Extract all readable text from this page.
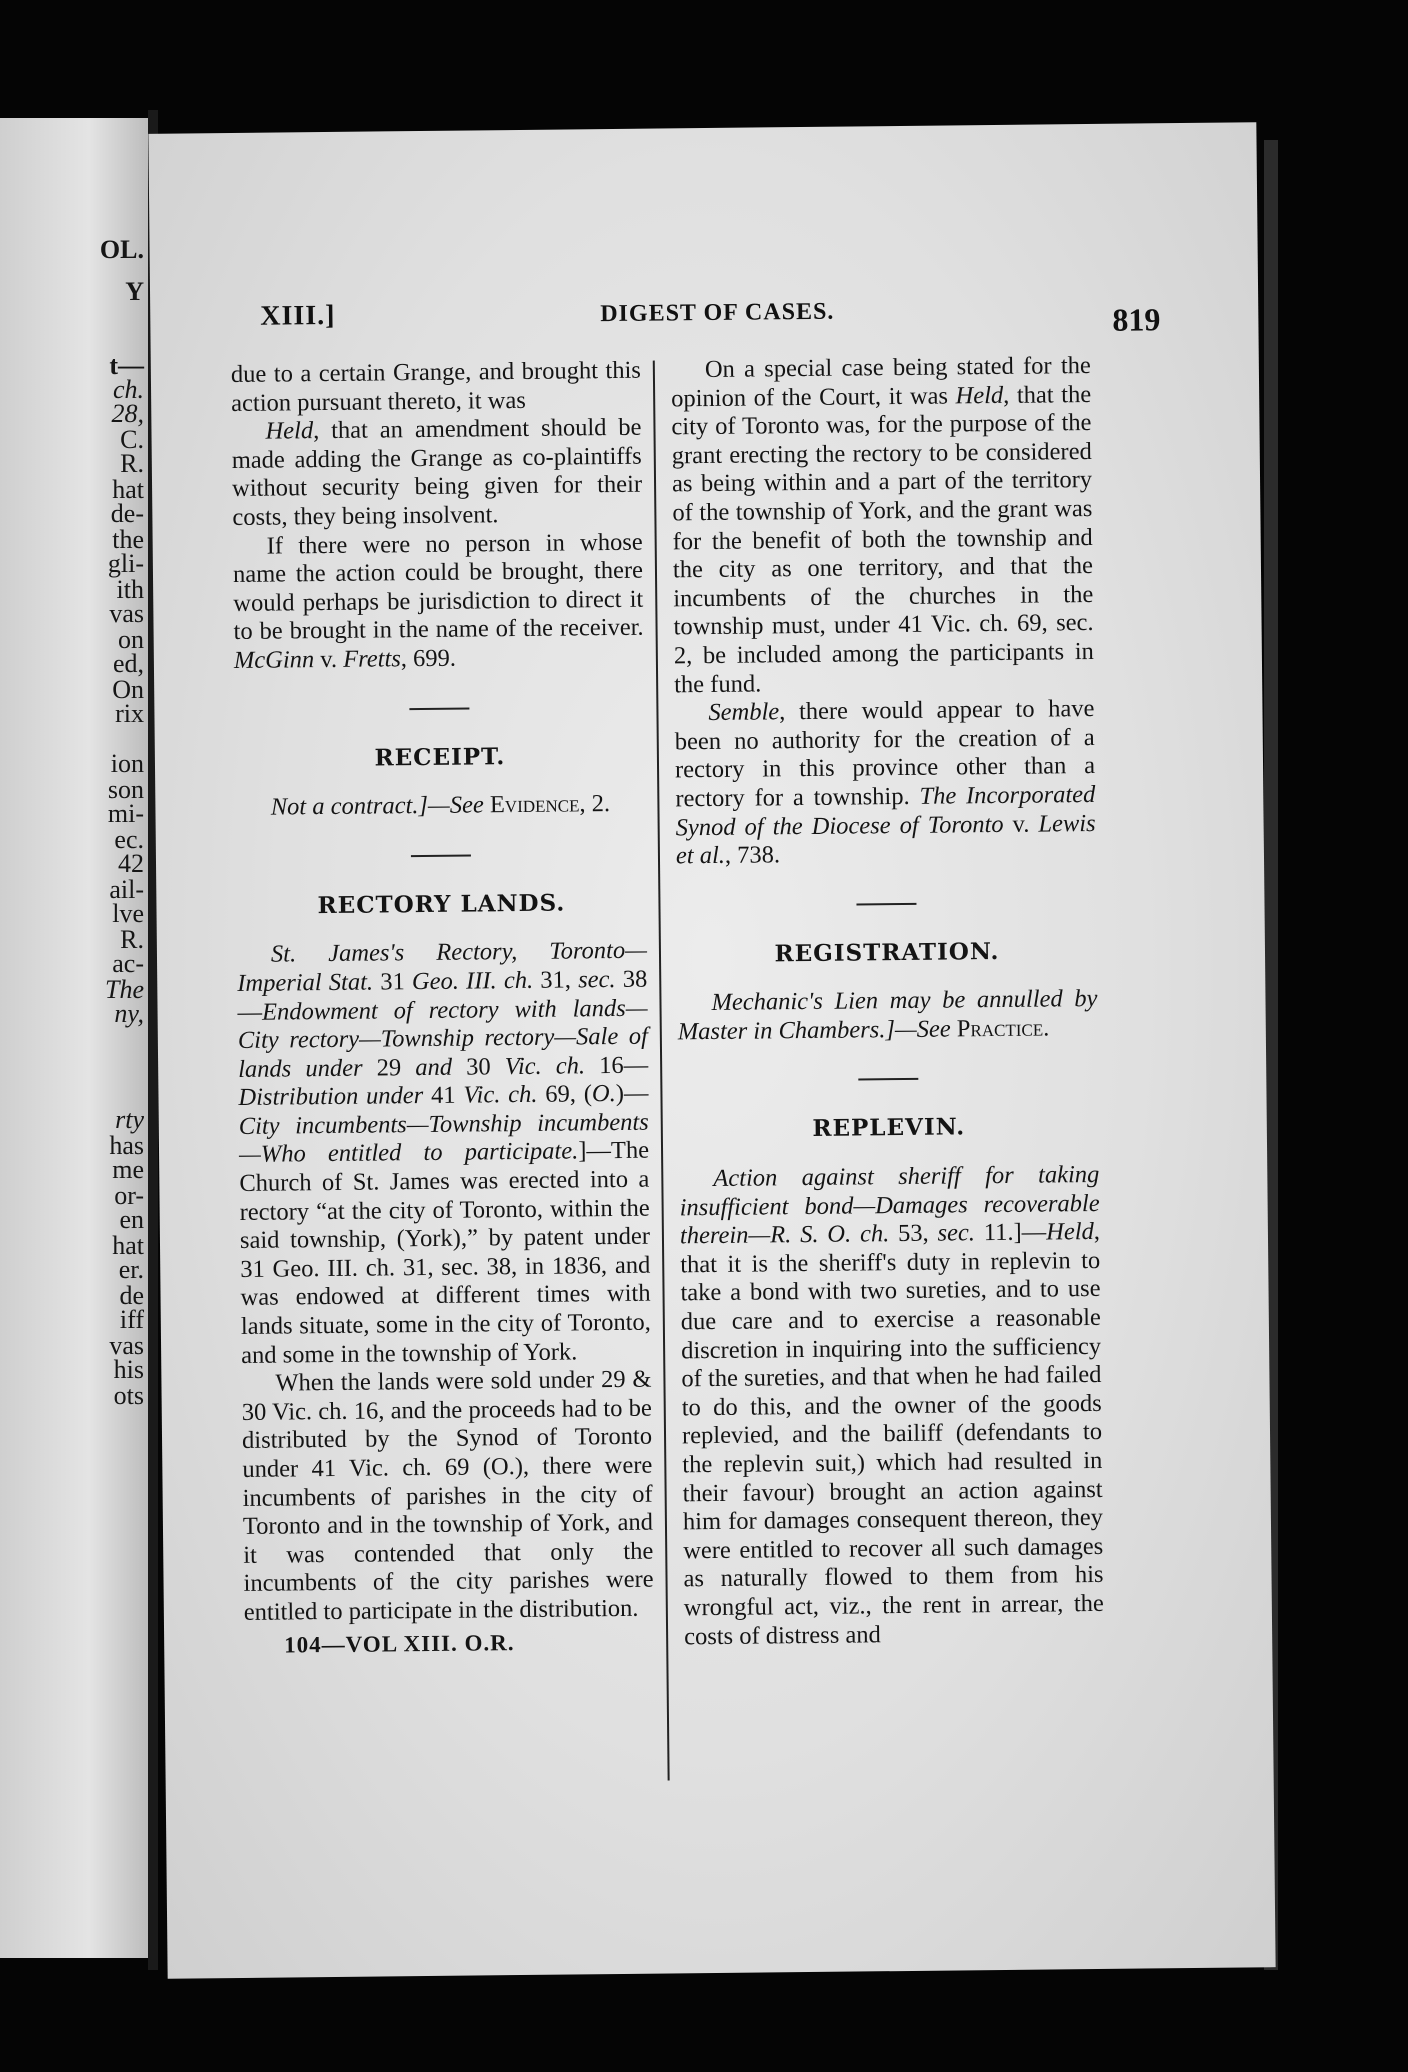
OL.
Y
t—
ch.
28,
C.
R.
hat
de-
the
gli-
ith
vas
on
ed,
On
rix
ion
son
mi-
ec.
42
ail-
lve
R.
ac-
The
ny,
rty
has
me
or-
en
hat
er.
de
iff
vas
his
ots
XIII.]	DIGEST OF CASES.	819

due to a certain Grange, and brought this action pursuant thereto, it was

Held, that an amendment should be made adding the Grange as co-plaintiffs without security being given for their costs, they being insolvent.

If there were no person in whose name the action could be brought, there would perhaps be jurisdiction to direct it to be brought in the name of the receiver. McGinn v. Fretts, 699.

RECEIPT.

Not a contract.]—See Evidence, 2.

RECTORY LANDS.

St. James's Rectory, Toronto—Imperial Stat. 31 Geo. III. ch. 31, sec. 38—Endowment of rectory with lands—City rectory—Township rectory—Sale of lands under 29 and 30 Vic. ch. 16—Distribution under 41 Vic. ch. 69, (O.)—City incumbents—Township incumbents—Who entitled to participate.]—The Church of St. James was erected into a rectory “at the city of Toronto, within the said township, (York),” by patent under 31 Geo. III. ch. 31, sec. 38, in 1836, and was endowed at different times with lands situate, some in the city of Toronto, and some in the township of York.

When the lands were sold under 29 & 30 Vic. ch. 16, and the proceeds had to be distributed by the Synod of Toronto under 41 Vic. ch. 69 (O.), there were incumbents of parishes in the city of Toronto and in the township of York, and it was contended that only the incumbents of the city parishes were entitled to participate in the distribution.

104—VOL XIII. O.R.

On a special case being stated for the opinion of the Court, it was Held, that the city of Toronto was, for the purpose of the grant erecting the rectory to be considered as being within and a part of the territory of the township of York, and the grant was for the benefit of both the township and the city as one territory, and that the incumbents of the churches in the township must, under 41 Vic. ch. 69, sec. 2, be included among the participants in the fund.

Semble, there would appear to have been no authority for the creation of a rectory in this province other than a rectory for a township. The Incorporated Synod of the Diocese of Toronto v. Lewis et al., 738.

REGISTRATION.

Mechanic's Lien may be annulled by Master in Chambers.]—See Practice.

REPLEVIN.

Action against sheriff for taking insufficient bond—Damages recoverable therein—R. S. O. ch. 53, sec. 11.]—Held, that it is the sheriff's duty in replevin to take a bond with two sureties, and to use due care and to exercise a reasonable discretion in inquiring into the sufficiency of the sureties, and that when he had failed to do this, and the owner of the goods replevied, and the bailiff (defendants to the replevin suit,) which had resulted in their favour) brought an action against him for damages consequent thereon, they were entitled to recover all such damages as naturally flowed to them from his wrongful act, viz., the rent in arrear, the costs of distress and
